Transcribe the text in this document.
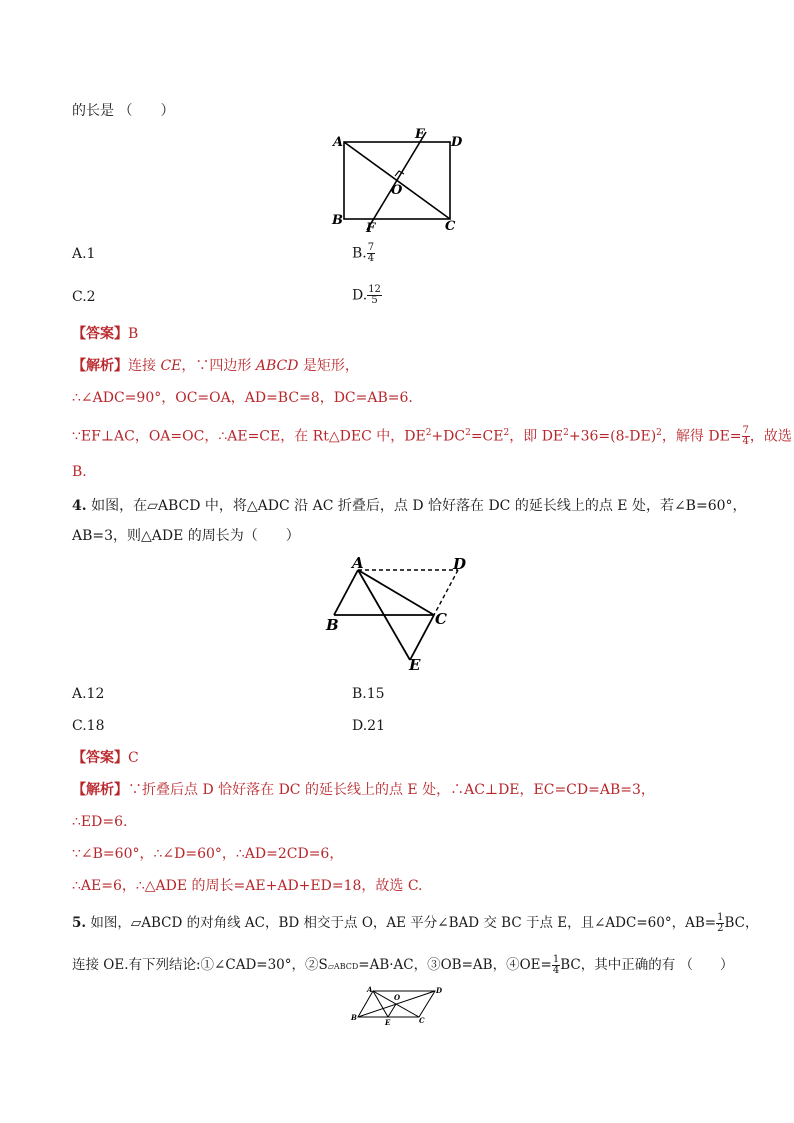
的长是 （　　）
A
E
D
O
B
F	C
A.1	B. $\frac{7}{4}$
C.2	D. $\frac{12}{5}$
【答案】B
【解析】连接 CE，∵四边形 ABCD 是矩形，
∴∠ADC=90°，OC=OA，AD=BC=8，DC=AB=6.
∵EF⊥AC，OA=OC，∴AE=CE，在 Rt△DEC 中，$DE^2+DC^2=CE^2$，即 $DE^2+36=(8-DE)^2$，解得 $DE= \frac{7}{4}$ ，故选
B.
4. 如图，在▱ABCD 中，将△ADC 沿 AC 折叠后，点 D 恰好落在 DC 的延长线上的点 E 处，若∠B=60°，
AB=3，则△ADE 的周长为（　　）
A	D
B	C
E
A.12	B.15
C.18	D.21
【答案】C
【解析】∵折叠后点 D 恰好落在 DC 的延长线上的点 E 处，∴AC⊥DE，EC=CD=AB=3，
∴ED=6.
∵∠B=60°，∴∠D=60°，∴AD=2CD=6，
∴AE=6，∴△ADE 的周长=AE+AD+ED=18，故选 C.
5. 如图，▱ABCD 的对角线 AC，BD 相交于点 O，AE 平分∠BAD 交 BC 于点 E，且∠ADC=60°，$AB= \frac{1}{2}$ BC，
连接 OE.有下列结论:①∠CAD=30°，②S▱ABCD=AB·AC，③OB=AB，④OE= $\frac{1}{4}$ BC，其中正确的有 （　　）
A	D
O
B
E	C
